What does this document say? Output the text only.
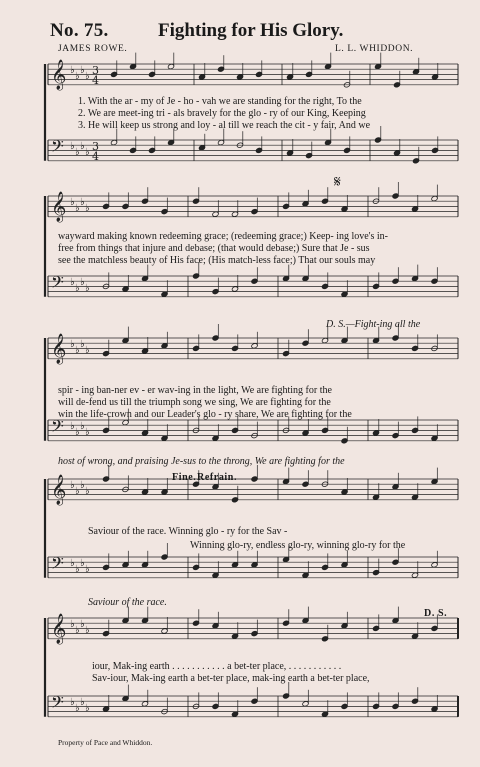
No. 75.	Fighting for His Glory.
JAMES ROWE.	L. L. WHIDDON.
𝄞 ♭
♭
♭
♭ 3
4
𝄢 ♭
♭
♭
♭ 3
4
𝄞 ♭
♭
♭
♭
𝄢 ♭
♭
♭
♭
𝄞 ♭
♭
♭
♭
𝄢 ♭
♭
♭
♭
𝄞 ♭
♭
♭
♭
𝄢 ♭
♭
♭
♭
𝄞 ♭
♭
♭
♭
𝄢 ♭
♭
♭
♭
1. With the ar - my of Je - ho - vah we are standing for the right, To the
2. We are meet-ing tri - als bravely for the glo - ry of our King, Keeping
3. He will keep us strong and loy - al till we reach the cit - y fair, And we
𝄋
wayward making known redeeming grace; (redeeming grace;) Keep- ing love's in-
free from things that injure and debase; (that would debase;) Sure that Je - sus
see the matchless beauty of His face; (His match-less face;) That our souls may
D. S.—Fight-ing all the
spir - ing ban-ner ev - er wav-ing in the light, We are fighting for the
will de-fend us till the triumph song we sing, We are fighting for the
win the life-crown and our Leader's glo - ry share, We are fighting for the
host of wrong, and praising Je-sus to the throng, We are fighting for the
Fine. Refrain.
Saviour of the race. Winning glo - ry for the Sav -
Winning glo-ry, endless glo-ry, winning glo-ry for the
Saviour of the race.
D. S.
iour, Mak-ing earth . . . . . . . . . . . a bet-ter place, . . . . . . . . . . .
Sav-iour, Mak-ing earth a bet-ter place, mak-ing earth a bet-ter place,
Property of Pace and Whiddon.
